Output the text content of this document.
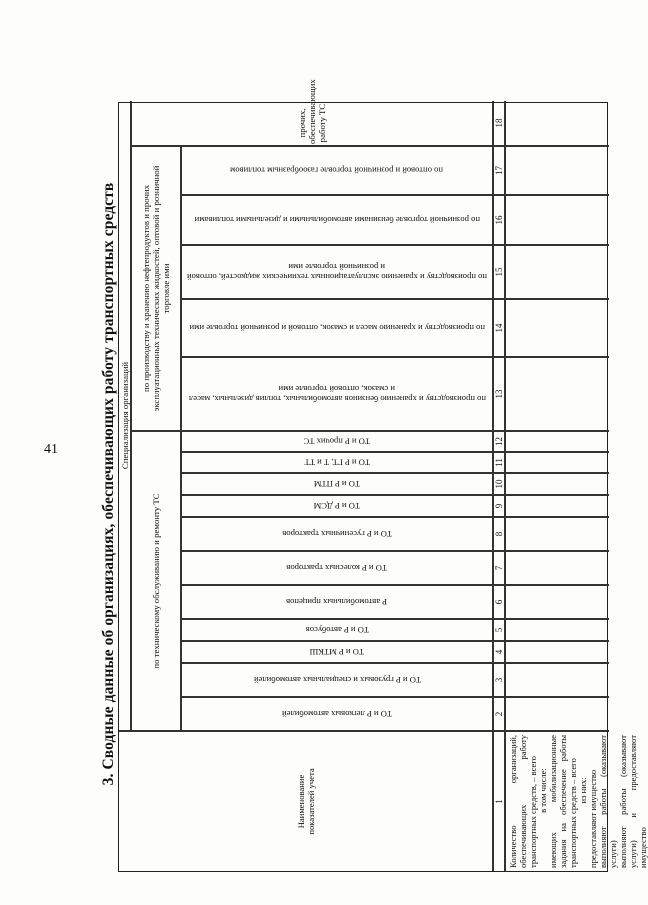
41	3. Сводные данные об организациях, обеспечивающих работу транспортных средств
Наименование показателей учета	1
Специализация организаций
по техническому обслуживанию и ремонту ТС
по производству и хранению нефтепродуктов и прочих эксплуатационных технических жидкостей, оптовой и розничной торговле ими
прочих, обеспечивающих работу ТС
ТО и Р легковых автомобилей
ТО и Р грузовых и специальных автомобилей
ТО и Р МТКШ
ТО и Р автобусов
Р автомобильных прицепов
ТО и Р колесных тракторов
ТО и Р гусеничных тракторов
ТО и Р ДСМ
ТО и Р ПТМ
ТО и Р ГТ, Т и ТТ
ТО и Р прочих ТС
по производству и хранению бензинов автомобильных, топлив дизельных, масел и смазок, оптовой торговле ими
по производству и хранению масел и смазок, оптовой и розничной торговле ими
по производству и хранению эксплуатационных технических жидкостей, оптовой и розничной торговле ими
по розничной торговле бензинами автомобильными и дизельными топливами
по оптовой и розничной торговле газообразным топливом
2
3
4
5
6
7
8
9
10
11
12
13
14
15
16
17
18
Количество организаций, обеспечивающих работу транспортных средств, – всего в том числе: имеющих мобилизационные задания на обеспечение работы транспортных средств – всего из них: предоставляют имущество выполняют работы (оказывают услуги) выполняют работы (оказывают услуги) и предоставляют имущество
